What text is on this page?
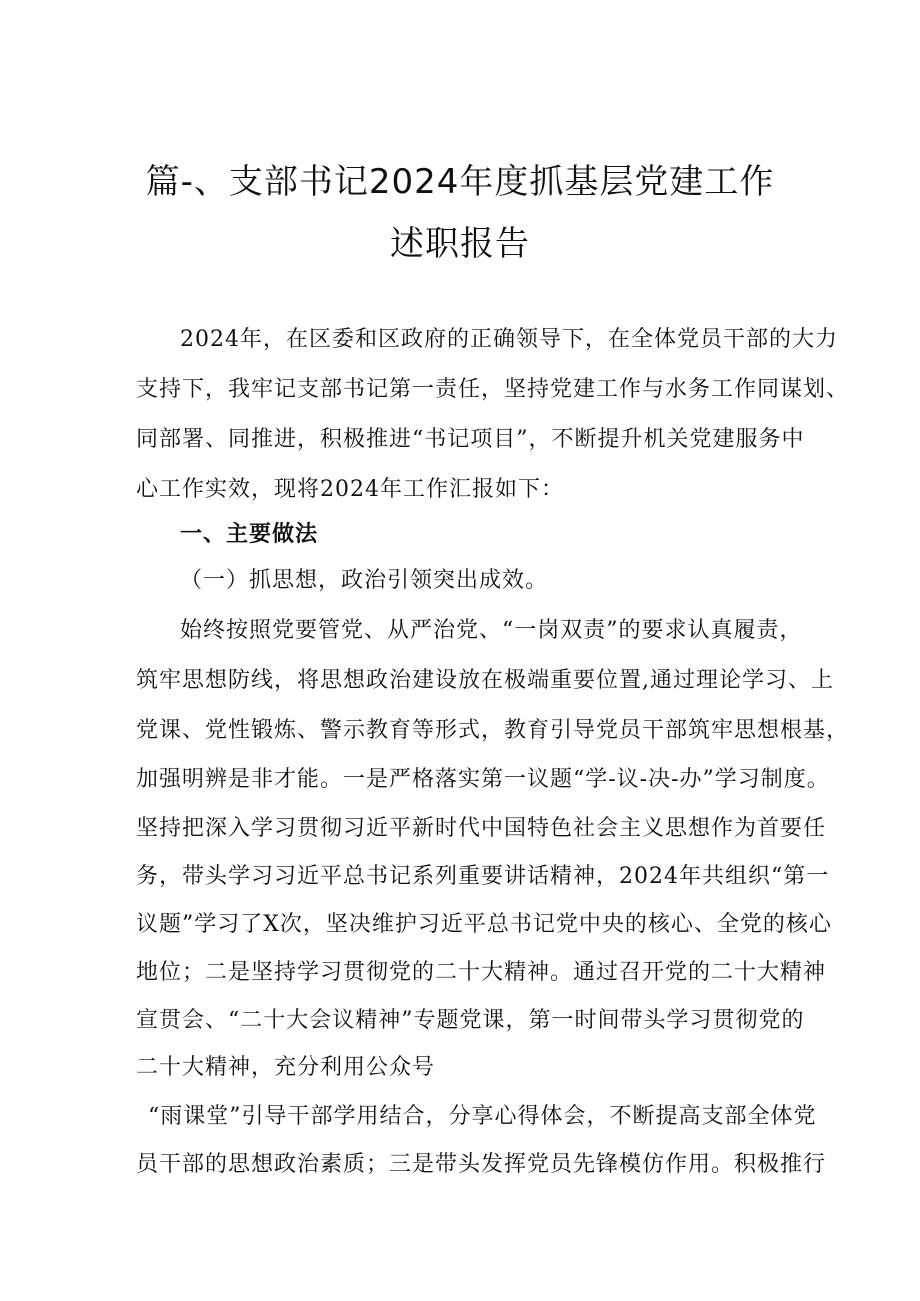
篇-、支部书记2024年度抓基层党建工作
述职报告
2024年，在区委和区政府的正确领导下，在全体党员干部的大力
支持下，我牢记支部书记第一责任，坚持党建工作与水务工作同谋划、
同部署、同推进，积极推进“书记项目”，不断提升机关党建服务中
心工作实效，现将2024年工作汇报如下：
一、主要做法
（一）抓思想，政治引领突出成效。
始终按照党要管党、从严治党、“一岗双责”的要求认真履责，
筑牢思想防线，将思想政治建设放在极端重要位置,通过理论学习、上
党课、党性锻炼、警示教育等形式，教育引导党员干部筑牢思想根基，
加强明辨是非才能。一是严格落实第一议题“学-议-决-办”学习制度。
坚持把深入学习贯彻习近平新时代中国特色社会主义思想作为首要任
务，带头学习习近平总书记系列重要讲话精神，2024年共组织“第一
议题”学习了X次，坚决维护习近平总书记党中央的核心、全党的核心
地位；二是坚持学习贯彻党的二十大精神。通过召开党的二十大精神
宣贯会、“二十大会议精神”专题党课，第一时间带头学习贯彻党的
二十大精神，充分利用公众号
“雨课堂”引导干部学用结合，分享心得体会，不断提高支部全体党
员干部的思想政治素质；三是带头发挥党员先锋模仿作用。积极推行
